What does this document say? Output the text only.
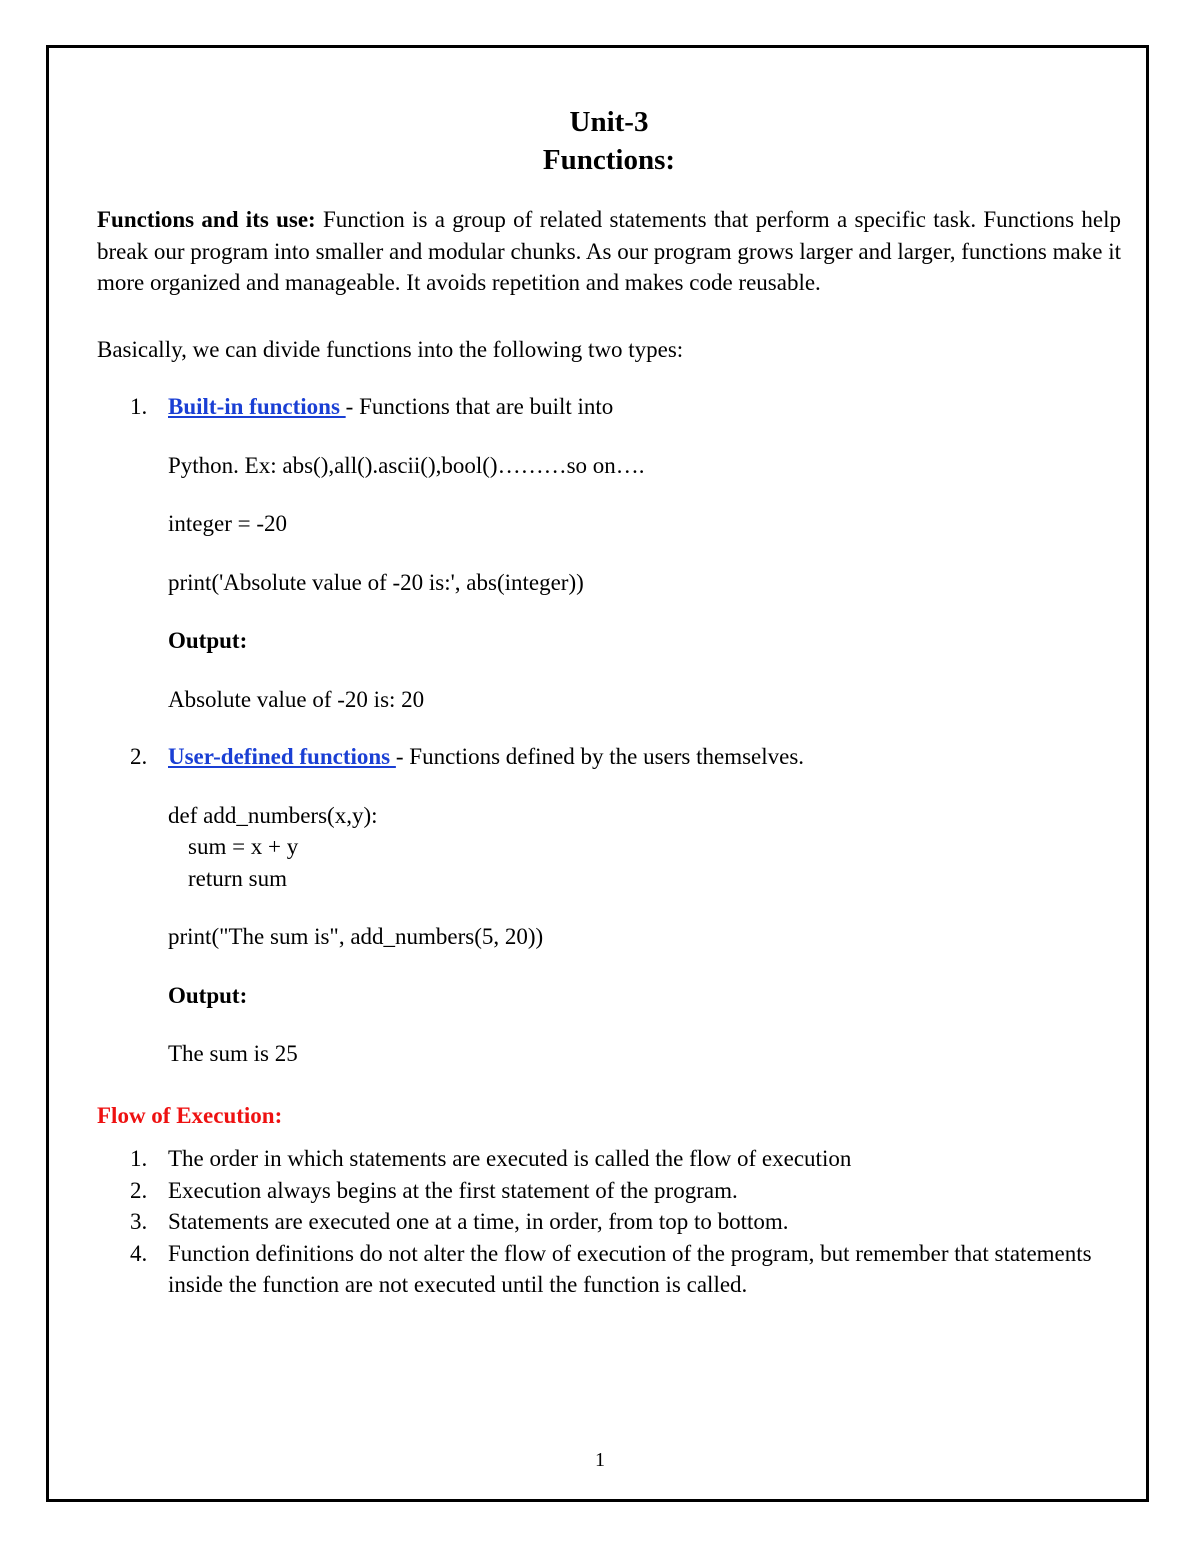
Unit-3
Functions:

Functions and its use: Function is a group of related statements that perform a specific task. Functions help break our program into smaller and modular chunks. As our program grows larger and larger, functions make it more organized and manageable. It avoids repetition and makes code reusable.

Basically, we can divide functions into the following two types:

1. Built-in functions - Functions that are built into
Python. Ex: abs(),all().ascii(),bool()………so on….
integer = -20
print('Absolute value of -20 is:', abs(integer))
Output:
Absolute value of -20 is: 20
2. User-defined functions - Functions defined by the users themselves.
def add_numbers(x,y):
sum = x + y
return sum
print("The sum is", add_numbers(5, 20))
Output:
The sum is 25
Flow of Execution:
1. The order in which statements are executed is called the flow of execution
2. Execution always begins at the first statement of the program.
3. Statements are executed one at a time, in order, from top to bottom.
4. Function definitions do not alter the flow of execution of the program, but remember that statements inside the function are not executed until the function is called.
1
